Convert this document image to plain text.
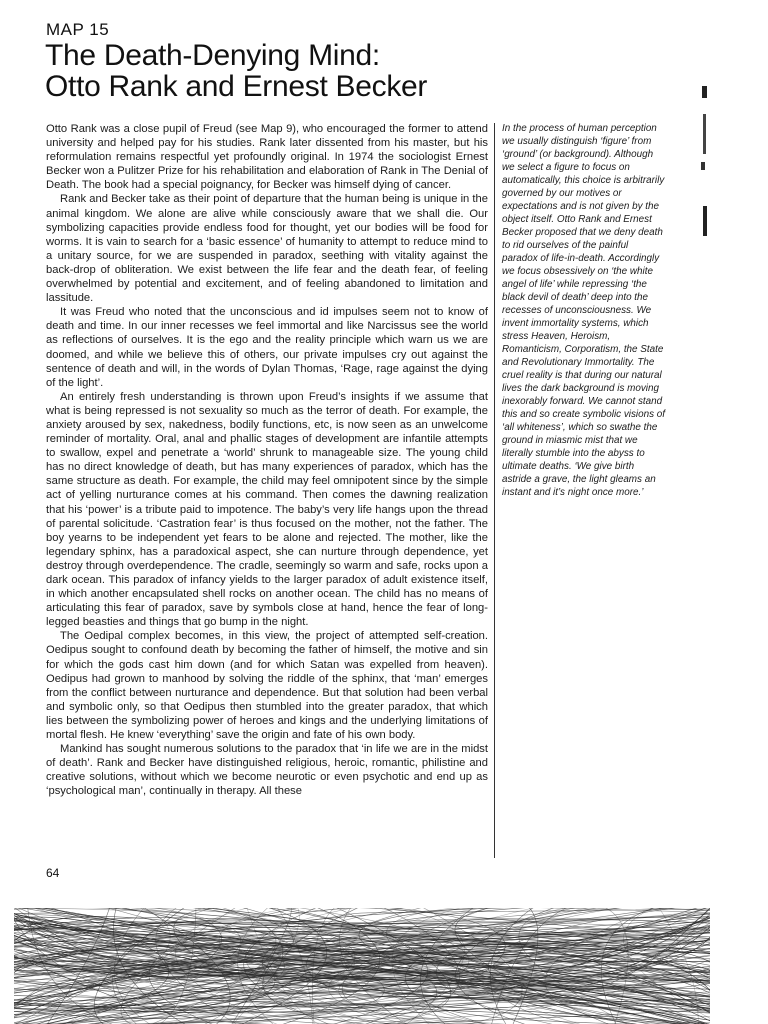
MAP 15
The Death-Denying Mind:
Otto Rank and Ernest Becker

Otto Rank was a close pupil of Freud (see Map 9), who encouraged the former to attend university and helped pay for his studies. Rank later dissented from his master, but his reformulation remains respectful yet profoundly original. In 1974 the sociologist Ernest Becker won a Pulitzer Prize for his rehabilitation and elaboration of Rank in The Denial of Death. The book had a special poignancy, for Becker was himself dying of cancer.

Rank and Becker take as their point of departure that the human being is unique in the animal kingdom. We alone are alive while consciously aware that we shall die. Our symbolizing capacities provide endless food for thought, yet our bodies will be food for worms. It is vain to search for a ‘basic essence’ of humanity to attempt to reduce mind to a unitary source, for we are suspended in paradox, seething with vitality against the back-drop of obliteration. We exist between the life fear and the death fear, of feeling overwhelmed by potential and excitement, and of feeling abandoned to limitation and lassitude.

It was Freud who noted that the unconscious and id impulses seem not to know of death and time. In our inner recesses we feel immortal and like Narcissus see the world as reflections of ourselves. It is the ego and the reality principle which warn us we are doomed, and while we believe this of others, our private impulses cry out against the sentence of death and will, in the words of Dylan Thomas, ‘Rage, rage against the dying of the light’.

An entirely fresh understanding is thrown upon Freud’s insights if we assume that what is being repressed is not sexuality so much as the terror of death. For example, the anxiety aroused by sex, nakedness, bodily functions, etc, is now seen as an unwelcome reminder of mortality. Oral, anal and phallic stages of development are infantile attempts to swallow, expel and penetrate a ‘world’ shrunk to manageable size. The young child has no direct knowledge of death, but has many experiences of paradox, which has the same structure as death. For example, the child may feel omnipotent since by the simple act of yelling nurturance comes at his command. Then comes the dawning realization that his ‘power’ is a tribute paid to impotence. The baby’s very life hangs upon the thread of parental solicitude. ‘Castration fear’ is thus focused on the mother, not the father. The boy yearns to be independent yet fears to be alone and rejected. The mother, like the legendary sphinx, has a paradoxical aspect, she can nurture through dependence, yet destroy through overdependence. The cradle, seemingly so warm and safe, rocks upon a dark ocean. This paradox of infancy yields to the larger paradox of adult existence itself, in which another encapsulated shell rocks on another ocean. The child has no means of articulating this fear of paradox, save by symbols close at hand, hence the fear of long-legged beasties and things that go bump in the night.

The Oedipal complex becomes, in this view, the project of attempted self-creation. Oedipus sought to confound death by becoming the father of himself, the motive and sin for which the gods cast him down (and for which Satan was expelled from heaven). Oedipus had grown to manhood by solving the riddle of the sphinx, that ‘man’ emerges from the conflict between nurturance and dependence. But that solution had been verbal and symbolic only, so that Oedipus then stumbled into the greater paradox, that which lies between the symbolizing power of heroes and kings and the underlying limitations of mortal flesh. He knew ‘everything’ save the origin and fate of his own body.

Mankind has sought numerous solutions to the paradox that ‘in life we are in the midst of death’. Rank and Becker have distinguished religious, heroic, romantic, philistine and creative solutions, without which we become neurotic or even psychotic and end up as ‘psychological man’, continually in therapy. All these

In the process of human perception we usually distinguish ‘figure’ from ‘ground’ (or background). Although we select a figure to focus on automatically, this choice is arbitrarily governed by our motives or expectations and is not given by the object itself. Otto Rank and Ernest Becker proposed that we deny death to rid ourselves of the painful paradox of life-in-death. Accordingly we focus obsessively on ‘the white angel of life’ while repressing ‘the black devil of death’ deep into the recesses of unconsciousness. We invent immortality systems, which stress Heaven, Heroism, Romanticism, Corporatism, the State and Revolutionary Immortality. The cruel reality is that during our natural lives the dark background is moving inexorably forward. We cannot stand this and so create symbolic visions of ‘all whiteness’, which so swathe the ground in miasmic mist that we literally stumble into the abyss to ultimate deaths. ‘We give birth astride a grave, the light gleams an instant and it’s night once more.’
64
